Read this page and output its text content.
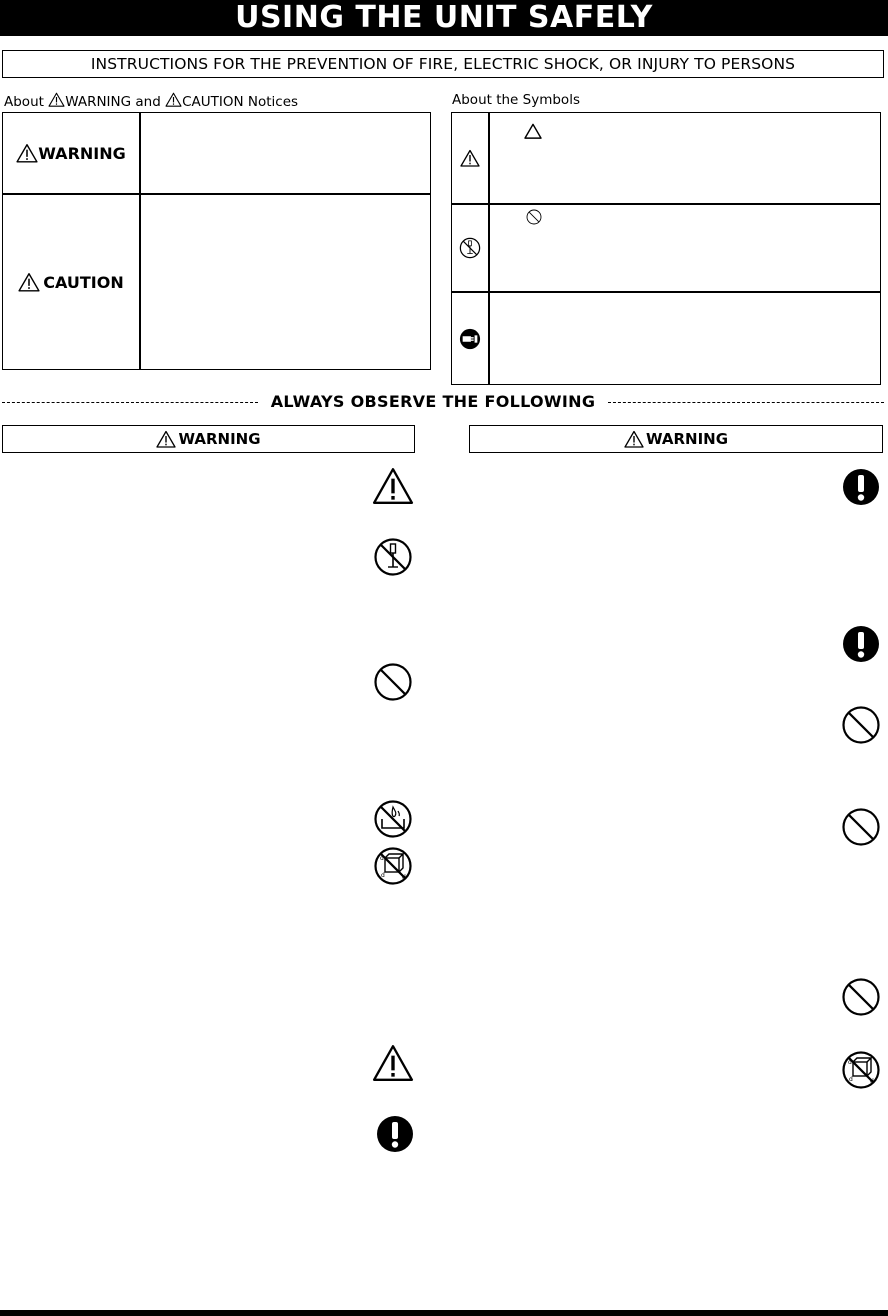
USING THE UNIT SAFELY
INSTRUCTIONS FOR THE PREVENTION OF FIRE, ELECTRIC SHOCK, OR INJURY TO PERSONS
About WARNING and CAUTION Notices	About the Symbols
WARNING
CAUTION
ALWAYS OBSERVE THE FOLLOWING
WARNING	WARNING
